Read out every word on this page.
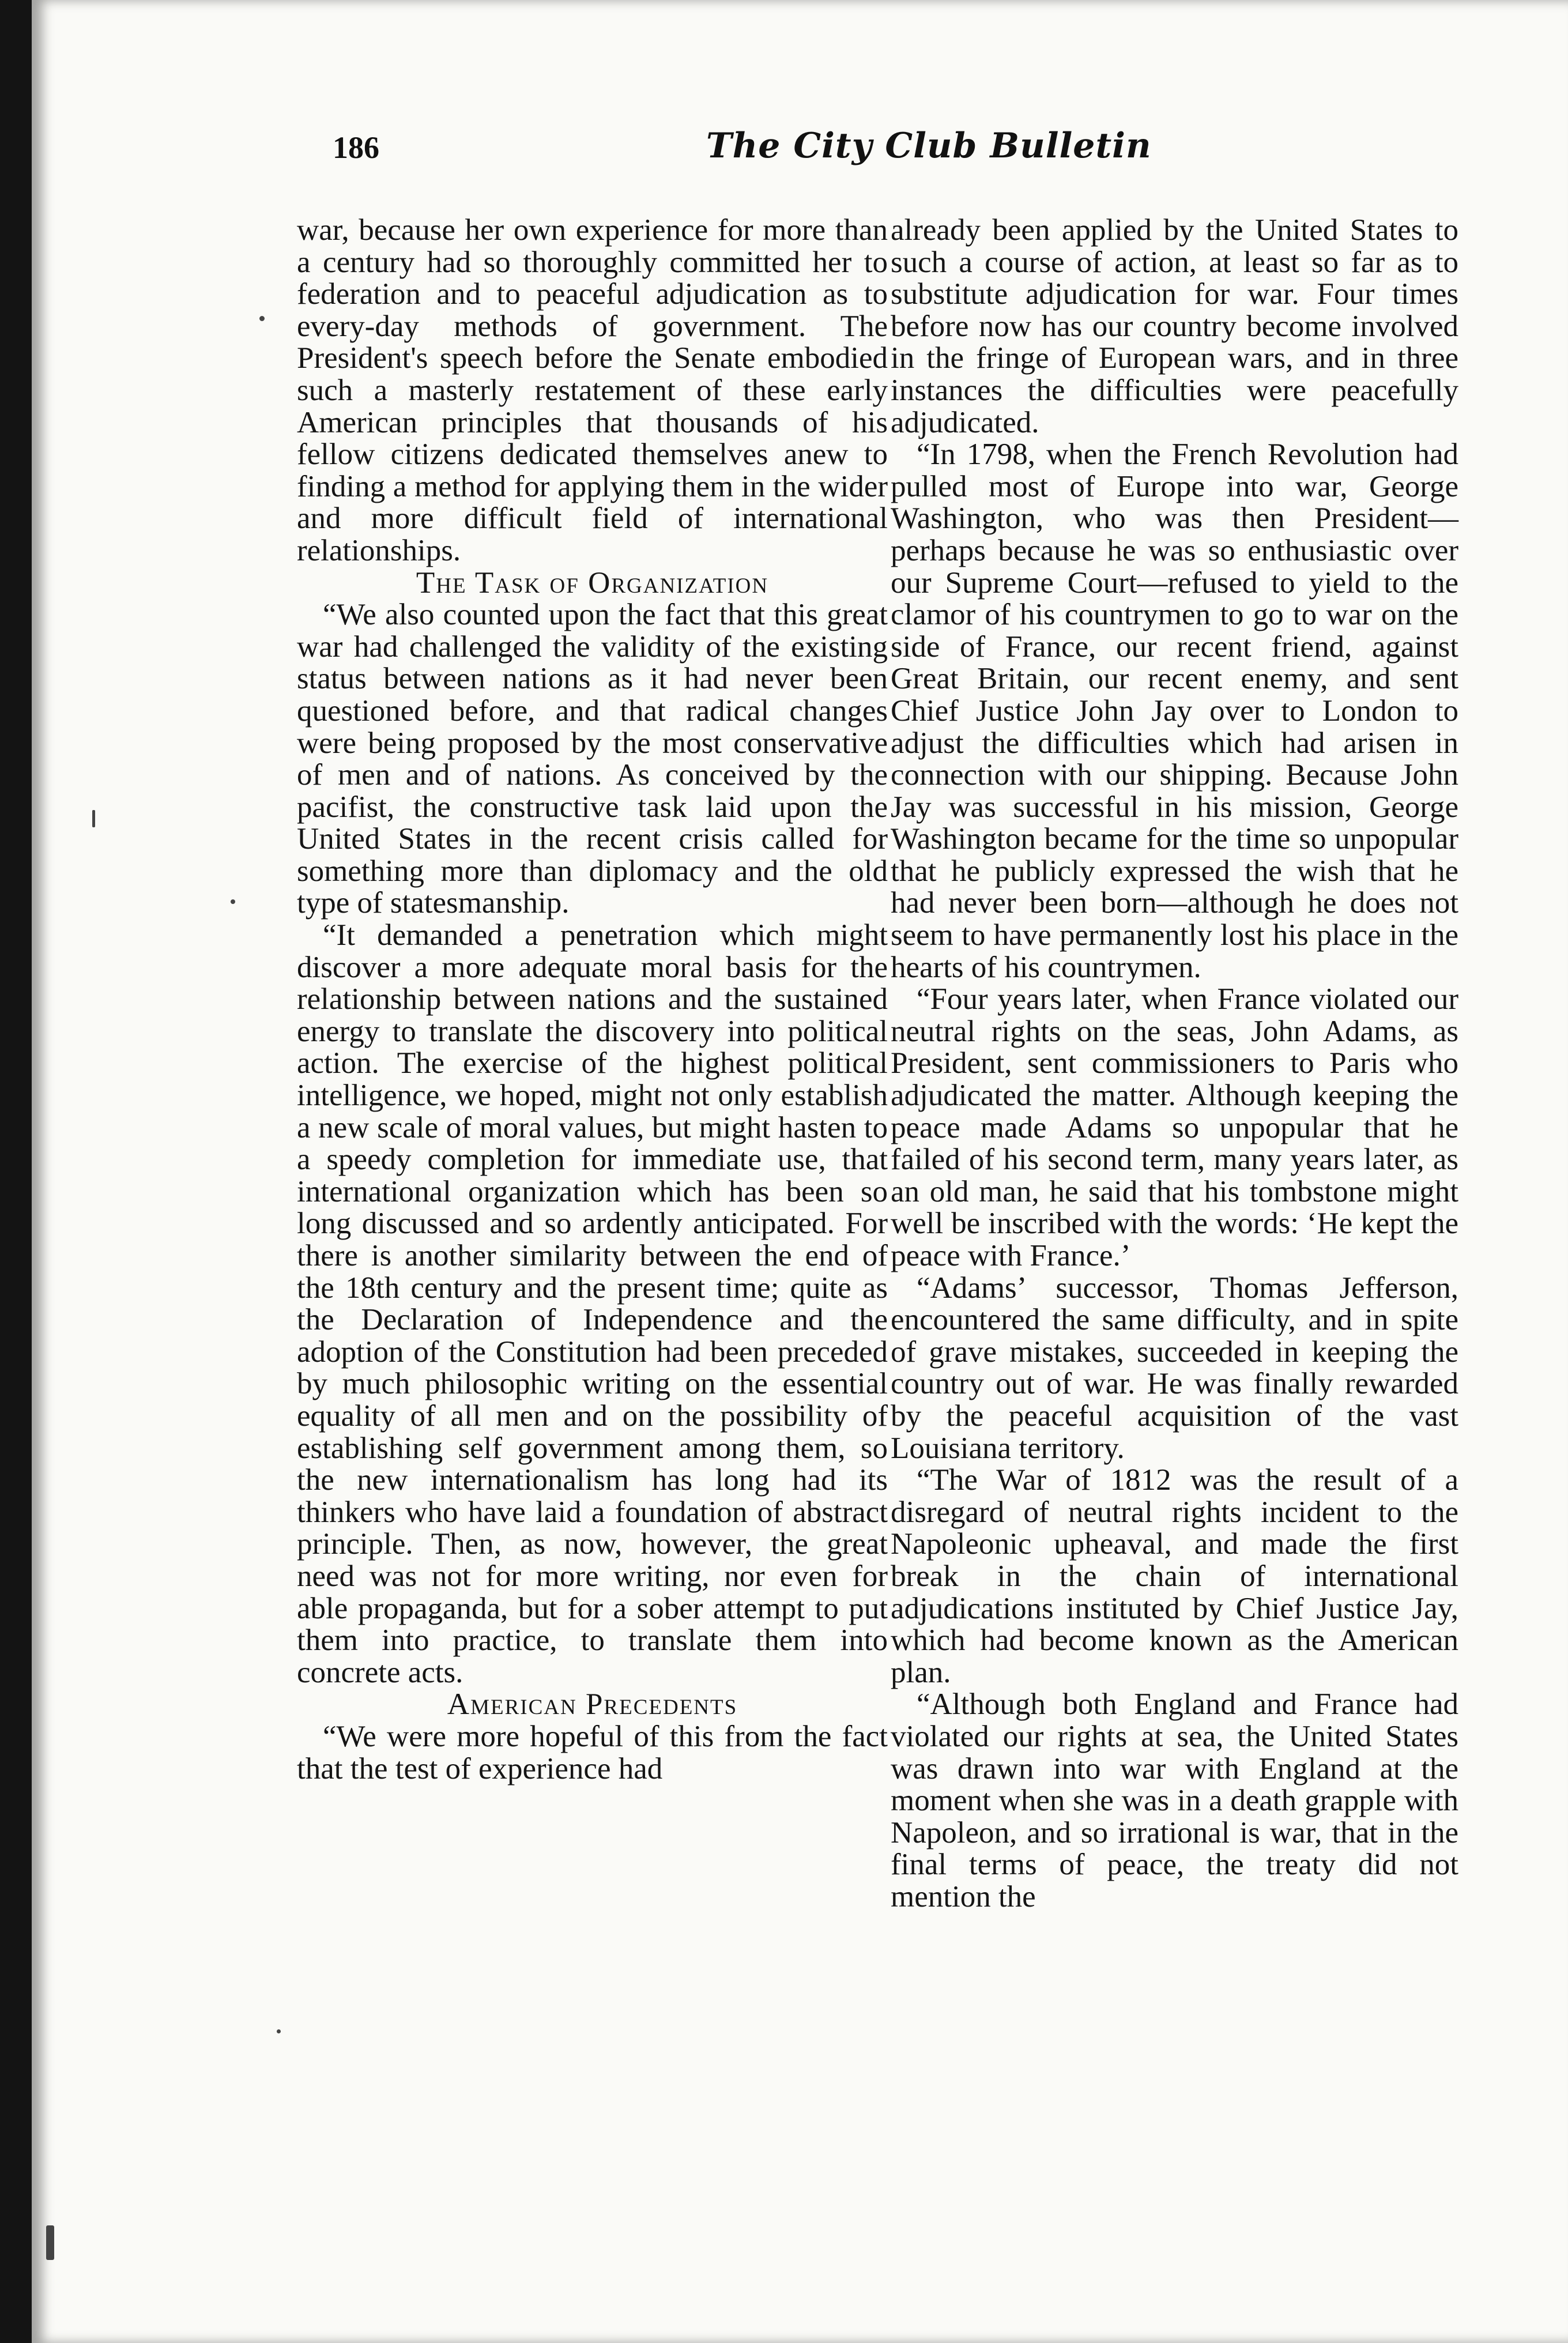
186	The City Club Bulletin

war, because her own experience for more than a century had so thoroughly committed her to federation and to peaceful adjudication as to every-day methods of government. The President's speech before the Senate embodied such a masterly restatement of these early American principles that thousands of his fellow citizens dedicated themselves anew to finding a method for applying them in the wider and more difficult field of international relationships.

The Task of Organization

“We also counted upon the fact that this great war had challenged the validity of the existing status between nations as it had never been questioned before, and that radical changes were being proposed by the most conservative of men and of nations. As conceived by the pacifist, the constructive task laid upon the United States in the recent crisis called for something more than diplomacy and the old type of statesmanship.

“It demanded a penetration which might discover a more adequate moral basis for the relationship between nations and the sustained energy to translate the discovery into political action. The exercise of the highest political intelligence, we hoped, might not only establish a new scale of moral values, but might hasten to a speedy completion for immediate use, that international organization which has been so long discussed and so ardently anticipated. For there is another similarity between the end of the 18th century and the present time; quite as the Declaration of Independence and the adoption of the Constitution had been preceded by much philosophic writing on the essential equality of all men and on the possibility of establishing self government among them, so the new internationalism has long had its thinkers who have laid a foundation of abstract principle. Then, as now, however, the great need was not for more writing, nor even for able propaganda, but for a sober attempt to put them into practice, to translate them into concrete acts.

American Precedents

“We were more hopeful of this from the fact that the test of experience had

already been applied by the United States to such a course of action, at least so far as to substitute adjudication for war. Four times before now has our country become involved in the fringe of European wars, and in three instances the difficulties were peacefully adjudicated.

“In 1798, when the French Revolution had pulled most of Europe into war, George Washington, who was then President—perhaps because he was so enthusiastic over our Supreme Court—refused to yield to the clamor of his countrymen to go to war on the side of France, our recent friend, against Great Britain, our recent enemy, and sent Chief Justice John Jay over to London to adjust the difficulties which had arisen in connection with our shipping. Because John Jay was successful in his mission, George Washington became for the time so unpopular that he publicly expressed the wish that he had never been born—although he does not seem to have permanently lost his place in the hearts of his countrymen.

“Four years later, when France violated our neutral rights on the seas, John Adams, as President, sent commissioners to Paris who adjudicated the matter. Although keeping the peace made Adams so unpopular that he failed of his second term, many years later, as an old man, he said that his tombstone might well be inscribed with the words: ‘He kept the peace with France.’

“Adams’ successor, Thomas Jefferson, encountered the same difficulty, and in spite of grave mistakes, succeeded in keeping the country out of war. He was finally rewarded by the peaceful acquisition of the vast Louisiana territory.

“The War of 1812 was the result of a disregard of neutral rights incident to the Napoleonic upheaval, and made the first break in the chain of international adjudications instituted by Chief Justice Jay, which had become known as the American plan.

“Although both England and France had violated our rights at sea, the United States was drawn into war with England at the moment when she was in a death grapple with Napoleon, and so irrational is war, that in the final terms of peace, the treaty did not mention the
